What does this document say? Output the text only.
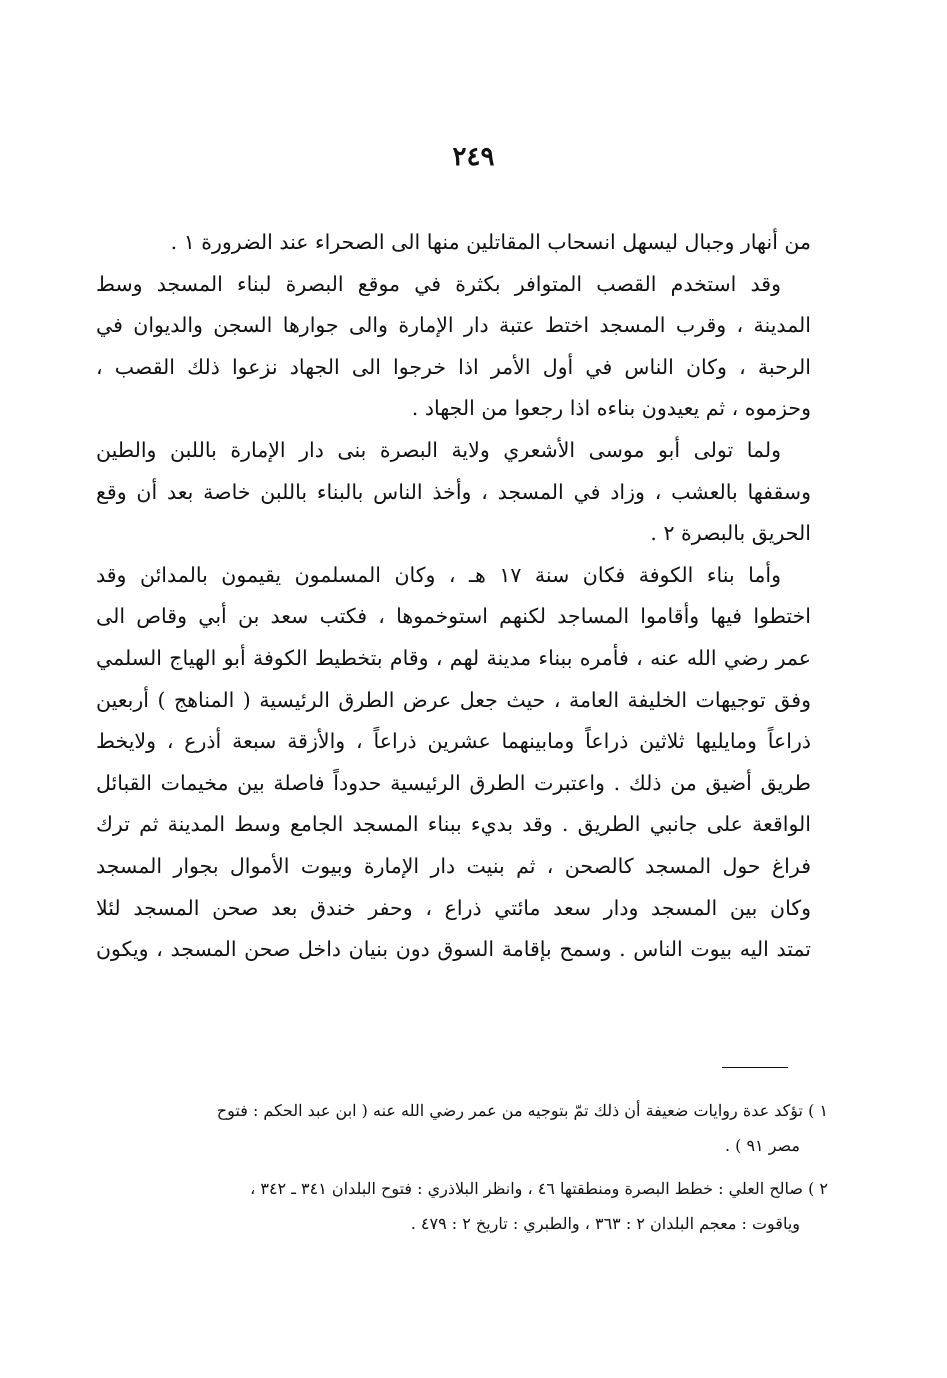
٢٤٩
من أنهار وجبال ليسهل انسحاب المقاتلين منها الى الصحراء عند الضرورة ١ .
وقد استخدم القصب المتوافر بكثرة في موقع البصرة لبناء المسجد وسط
المدينة ، وقرب المسجد اختط عتبة دار الإمارة والى جوارها السجن والديوان في
الرحبة ، وكان الناس في أول الأمر اذا خرجوا الى الجهاد نزعوا ذلك القصب ،
وحزموه ، ثم يعيدون بناءه اذا رجعوا من الجهاد .
ولما تولى أبو موسى الأشعري ولاية البصرة بنى دار الإمارة باللبن والطين
وسقفها بالعشب ، وزاد في المسجد ، وأخذ الناس بالبناء باللبن خاصة بعد أن وقع
الحريق بالبصرة ٢ .
وأما بناء الكوفة فكان سنة ١٧ هـ ، وكان المسلمون يقيمون بالمدائن وقد
اختطوا فيها وأقاموا المساجد لكنهم استوخموها ، فكتب سعد بن أبي وقاص الى
عمر رضي الله عنه ، فأمره ببناء مدينة لهم ، وقام بتخطيط الكوفة أبو الهياج السلمي
وفق توجيهات الخليفة العامة ، حيث جعل عرض الطرق الرئيسية ( المناهج ) أربعين
ذراعاً ومايليها ثلاثين ذراعاً ومابينهما عشرين ذراعاً ، والأزقة سبعة أذرع ، ولايخط
طريق أضيق من ذلك . واعتبرت الطرق الرئيسية حدوداً فاصلة بين مخيمات القبائل
الواقعة على جانبي الطريق . وقد بديء ببناء المسجد الجامع وسط المدينة ثم ترك
فراغ حول المسجد كالصحن ، ثم بنيت دار الإمارة وبيوت الأموال بجوار المسجد
وكان بين المسجد ودار سعد مائتي ذراع ، وحفر خندق بعد صحن المسجد لئلا
تمتد اليه بيوت الناس . وسمح بإقامة السوق دون بنيان داخل صحن المسجد ، ويكون
١ ) تؤكد عدة روايات ضعيفة أن ذلك تمّ بتوجيه من عمر رضي الله عنه ( ابن عبد الحكم : فتوح
مصر ٩١ ) .
٢ ) صالح العلي : خطط البصرة ومنطقتها ٤٦ ، وانظر البلاذري : فتوح البلدان ٣٤١ ـ ٣٤٢ ،
وياقوت : معجم البلدان ٢ : ٣٦٣ ، والطبري : تاريخ ٢ : ٤٧٩ .
